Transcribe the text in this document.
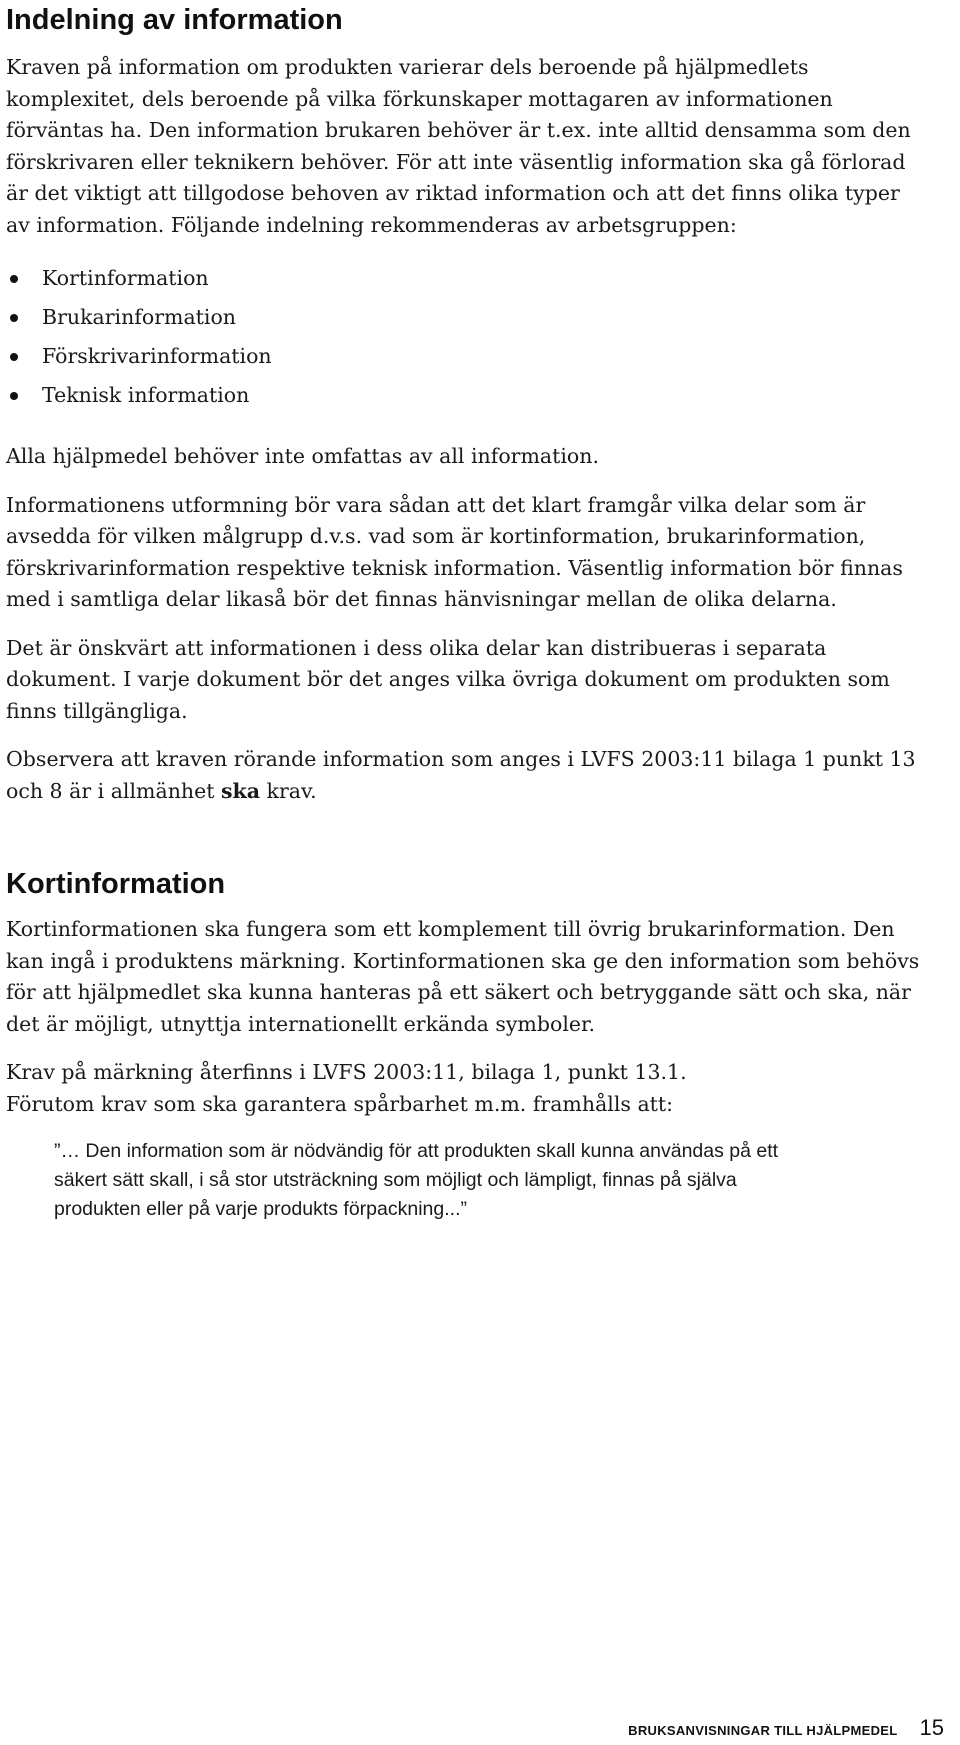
Indelning av information

Kraven på information om produkten varierar dels beroende på hjälpmedlets komplexitet, dels beroende på vilka förkunskaper mottagaren av informationen förväntas ha. Den information brukaren behöver är t.ex. inte alltid densamma som den förskrivaren eller teknikern behöver. För att inte väsentlig information ska gå förlorad är det viktigt att tillgodose behoven av riktad information och att det finns olika typer av information. Följande indelning rekommenderas av arbetsgruppen:

Kortinformation
Brukarinformation
Förskrivarinformation
Teknisk information

Alla hjälpmedel behöver inte omfattas av all information.

Informationens utformning bör vara sådan att det klart framgår vilka delar som är avsedda för vilken målgrupp d.v.s. vad som är kortinformation, brukarinformation, förskrivarinformation respektive teknisk information. Väsentlig information bör finnas med i samtliga delar likaså bör det finnas hänvisningar mellan de olika delarna.

Det är önskvärt att informationen i dess olika delar kan distribueras i separata dokument. I varje dokument bör det anges vilka övriga dokument om produkten som finns tillgängliga.

Observera att kraven rörande information som anges i LVFS 2003:11 bilaga 1 punkt 13 och 8 är i allmänhet ska krav.

Kortinformation

Kortinformationen ska fungera som ett komplement till övrig brukarinformation. Den kan ingå i produktens märkning. Kortinformationen ska ge den information som behövs för att hjälpmedlet ska kunna hanteras på ett säkert och betryggande sätt och ska, när det är möjligt, utnyttja internationellt erkända symboler.

Krav på märkning återfinns i LVFS 2003:11, bilaga 1, punkt 13.1.
Förutom krav som ska garantera spårbarhet m.m. framhålls att:

”… Den information som är nödvändig för att produkten skall kunna användas på ett säkert sätt skall, i så stor utsträckning som möjligt och lämpligt, finnas på själva produkten eller på varje produkts förpackning...”
BRUKSANVISNINGAR TILL HJÄLPMEDEL 15
